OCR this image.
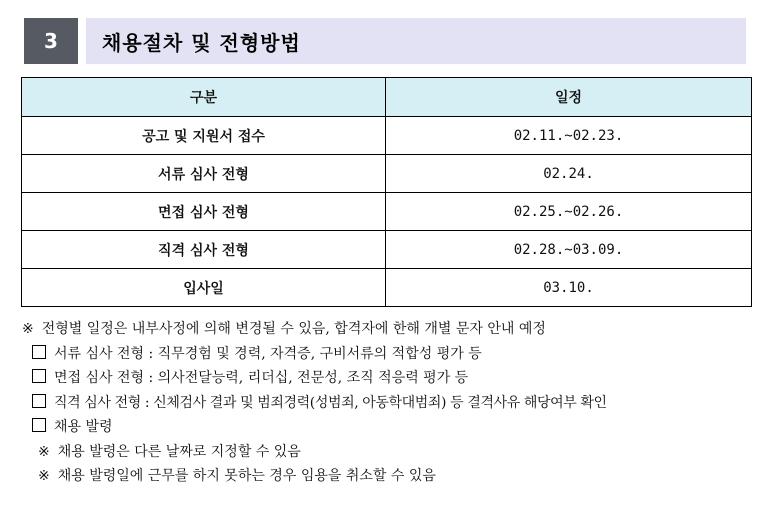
3	채용절차 및 전형방법
구분	일정
공고 및 지원서 접수	02.11.~02.23.
서류 심사 전형	02.24.
면접 심사 전형	02.25.~02.26.
직격 심사 전형	02.28.~03.09.
입사일	03.10.
※ 전형별 일정은 내부사정에 의해 변경될 수 있음, 합격자에 한해 개별 문자 안내 예정
서류 심사 전형 : 직무경험 및 경력, 자격증, 구비서류의 적합성 평가 등
면접 심사 전형 : 의사전달능력, 리더십, 전문성, 조직 적응력 평가 등
직격 심사 전형 : 신체검사 결과 및 범죄경력(성범죄, 아동학대범죄) 등 결격사유 해당여부 확인
채용 발령
※ 채용 발령은 다른 날짜로 지정할 수 있음
※ 채용 발령일에 근무를 하지 못하는 경우 임용을 취소할 수 있음
